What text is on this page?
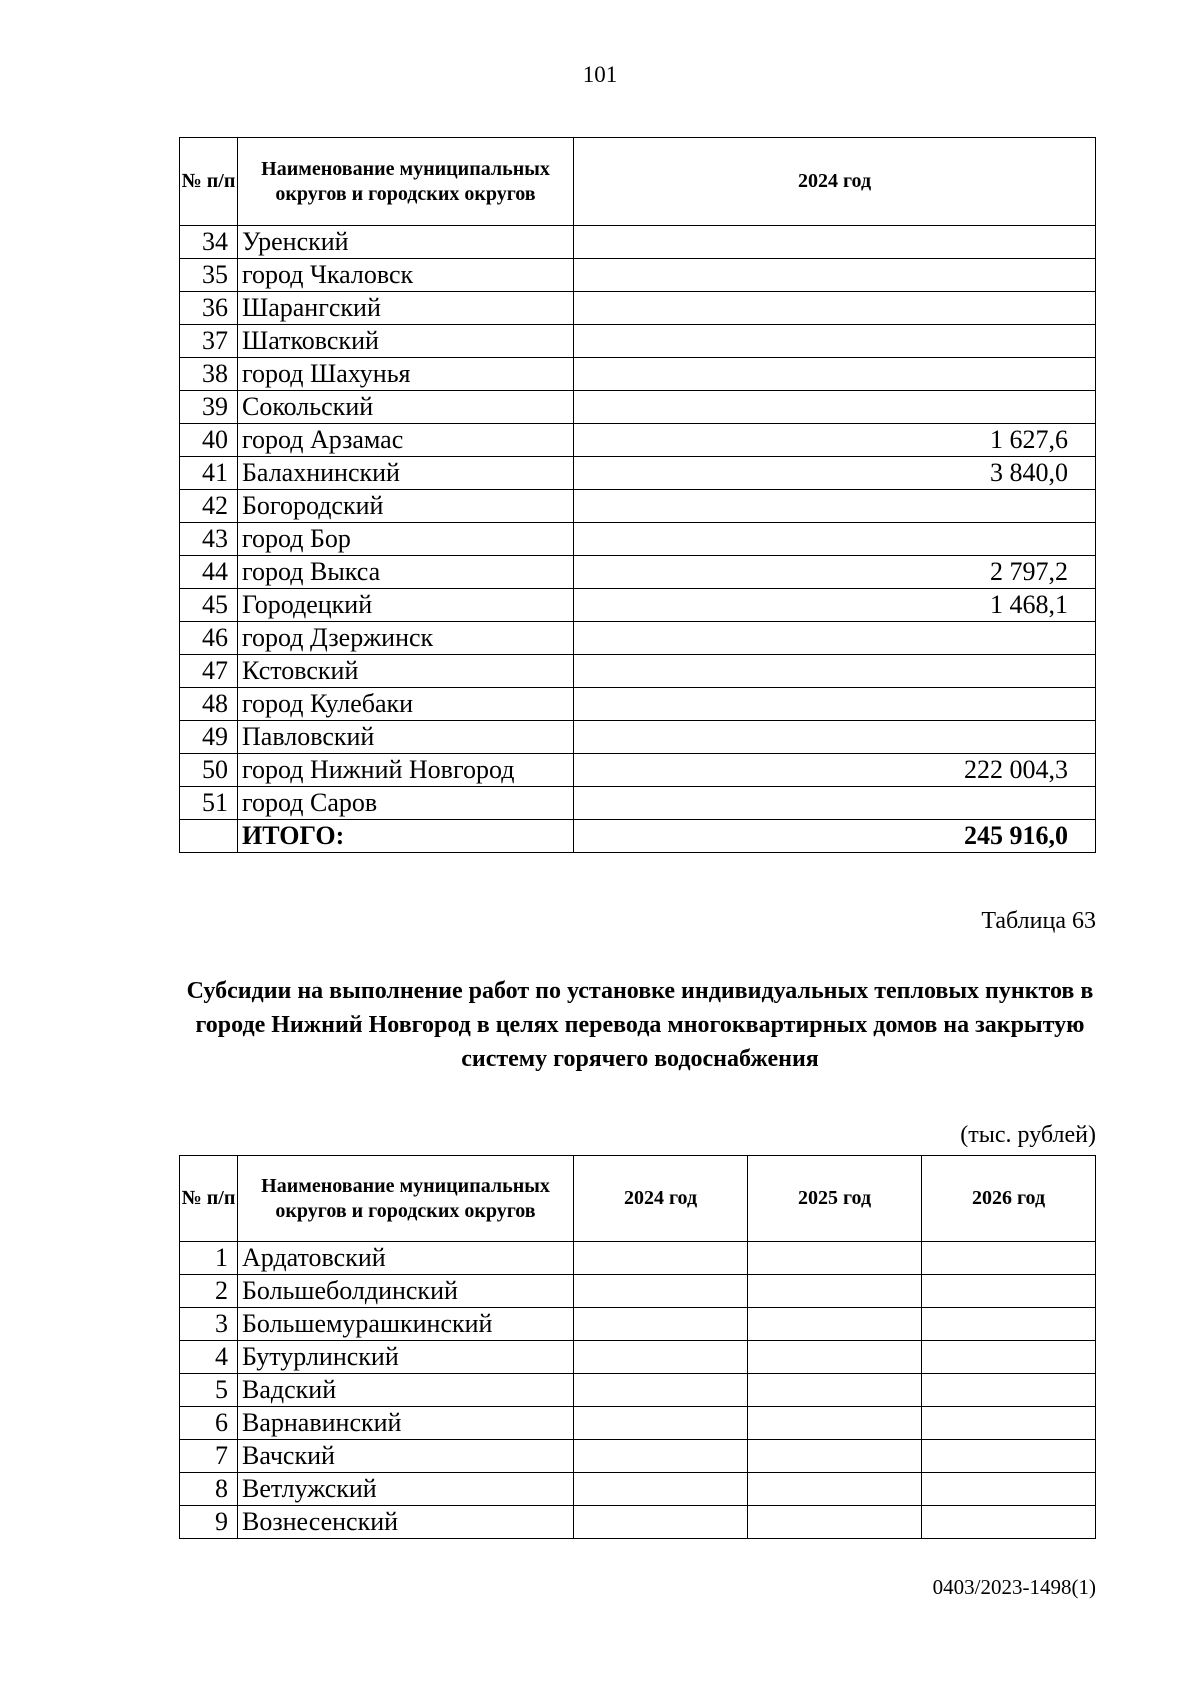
101
№ п/п	Наименование муниципальных округов и городских округов	2024 год
34	Уренский	
35	город Чкаловск	
36	Шарангский	
37	Шатковский	
38	город Шахунья	
39	Сокольский	
40	город Арзамас	1 627,6
41	Балахнинский	3 840,0
42	Богородский	
43	город Бор	
44	город Выкса	2 797,2
45	Городецкий	1 468,1
46	город Дзержинск	
47	Кстовский	
48	город Кулебаки	
49	Павловский	
50	город Нижний Новгород	222 004,3
51	город Саров	
	ИТОГО:	245 916,0
Таблица 63
Субсидии на выполнение работ по установке индивидуальных тепловых пунктов в городе Нижний Новгород в целях перевода многоквартирных домов на закрытую систему горячего водоснабжения
(тыс. рублей)
№ п/п	Наименование муниципальных округов и городских округов	2024 год	2025 год	2026 год
1	Ардатовский			
2	Большеболдинский			
3	Большемурашкинский			
4	Бутурлинский			
5	Вадский			
6	Варнавинский			
7	Вачский			
8	Ветлужский			
9	Вознесенский			
0403/2023-1498(1)
